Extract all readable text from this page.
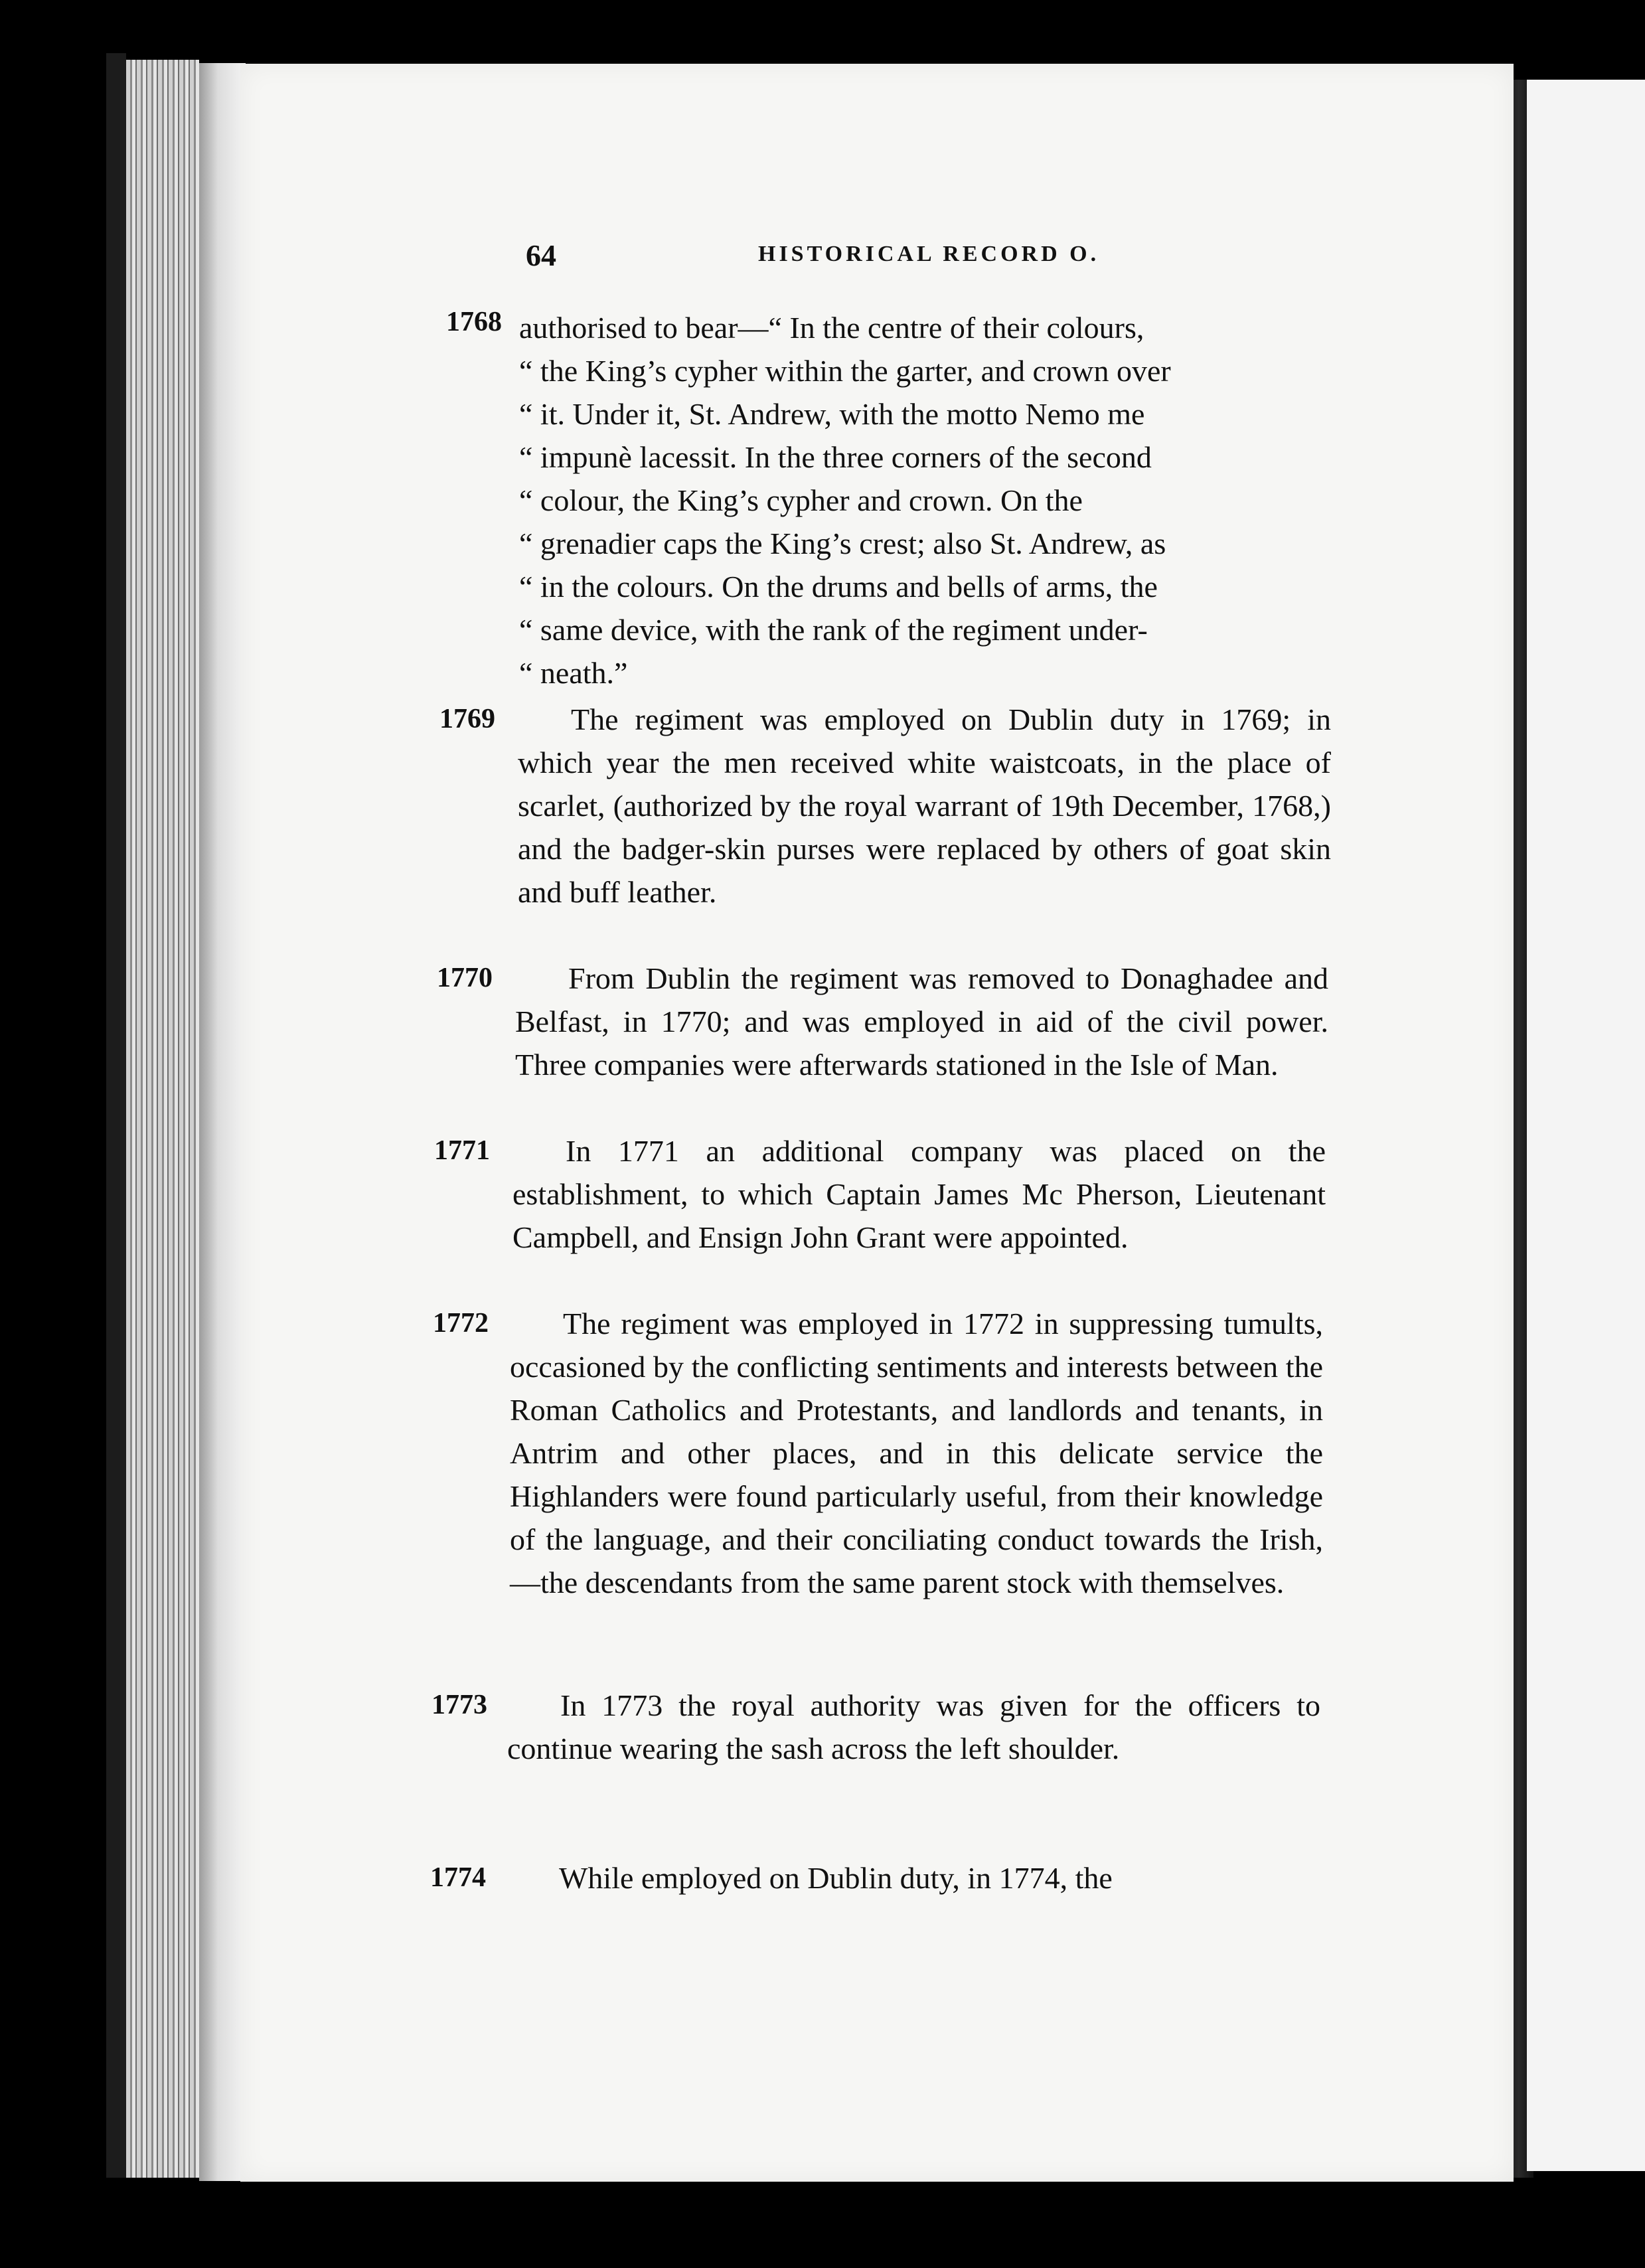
64	HISTORICAL RECORD O.
1768 authorised to bear—“ In the centre of their colours,
“ the King’s cypher within the garter, and crown over
“ it. Under it, St. Andrew, with the motto Nemo me
“ impunè lacessit. In the three corners of the second
“ colour, the King’s cypher and crown. On the
“ grenadier caps the King’s crest; also St. Andrew, as
“ in the colours. On the drums and bells of arms, the
“ same device, with the rank of the regiment under-
“ neath.”
1769	The regiment was employed on Dublin duty in 1769; in which year the men received white waistcoats, in the place of scarlet, (authorized by the royal warrant of 19th December, 1768,) and the badger-skin purses were replaced by others of goat skin and buff leather.
1770	From Dublin the regiment was removed to Donaghadee and Belfast, in 1770; and was employed in aid of the civil power. Three companies were afterwards stationed in the Isle of Man.
1771	In 1771 an additional company was placed on the establishment, to which Captain James Mc Pherson, Lieutenant Campbell, and Ensign John Grant were appointed.
1772	The regiment was employed in 1772 in suppressing tumults, occasioned by the conflicting sentiments and interests between the Roman Catholics and Protestants, and landlords and tenants, in Antrim and other places, and in this delicate service the Highlanders were found particularly useful, from their knowledge of the language, and their conciliating conduct towards the Irish,—the descendants from the same parent stock with themselves.
1773	In 1773 the royal authority was given for the officers to continue wearing the sash across the left shoulder.
1774	While employed on Dublin duty, in 1774, the
